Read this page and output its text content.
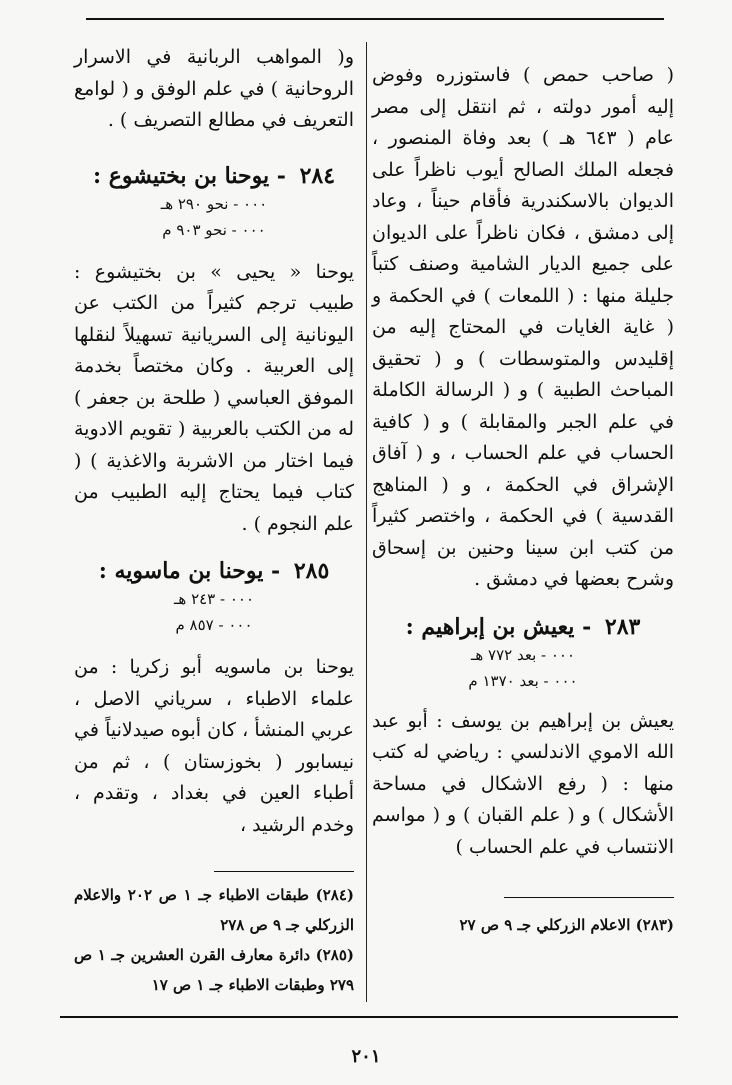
( صاحب حمص ) فاستوزره وفوض إليه أمور دولته ، ثم انتقل إلى مصر عام ( ٦٤٣ هـ ) بعد وفاة المنصور ، فجعله الملك الصالح أيوب ناظراً على الديوان بالاسكندرية فأقام حيناً ، وعاد إلى دمشق ، فكان ناظراً على الديوان على جميع الديار الشامية وصنف كتباً جليلة منها : ( اللمعات ) في الحكمة و ( غاية الغايات في المحتاج إليه من إقليدس والمتوسطات ) و ( تحقيق المباحث الطبية ) و ( الرسالة الكاملة في علم الجبر والمقابلة ) و ( كافية الحساب في علم الحساب ، و ( آفاق الإشراق في الحكمة ، و ( المناهج القدسية ) في الحكمة ، واختصر كثيراً من كتب ابن سينا وحنين بن إسحاق وشرح بعضها في دمشق .

٢٨٣ - يعيش بن إبراهيم :

٠٠٠ - بعد ٧٧٢ هـ

٠٠٠ - بعد ١٣٧٠ م

يعيش بن إبراهيم بن يوسف : أبو عبد الله الاموي الاندلسي : رياضي له كتب منها : ( رفع الاشكال في مساحة الأشكال ) و ( علم القبان ) و ( مواسم الانتساب في علم الحساب )

(٢٨٣) الاعلام الزركلي جـ ٩ ص ٢٧

و( المواهب الربانية في الاسرار الروحانية ) في علم الوفق و ( لوامع التعريف في مطالع التصريف ) .

٢٨٤ - يوحنا بن بختيشوع :

٠٠٠ - نحو ٢٩٠ هـ

٠٠٠ - نحو ٩٠٣ م

يوحنا « يحيى » بن بختيشوع : طبيب ترجم كثيراً من الكتب عن اليونانية إلى السريانية تسهيلاً لنقلها إلى العربية . وكان مختصاً بخدمة الموفق العباسي ( طلحة بن جعفر ) له من الكتب بالعربية ( تقويم الادوية فيما اختار من الاشربة والاغذية ) ( كتاب فيما يحتاج إليه الطبيب من علم النجوم ) .

٢٨٥ - يوحنا بن ماسويه :

٠٠٠ - ٢٤٣ هـ

٠٠٠ - ٨٥٧ م

يوحنا بن ماسويه أبو زكريا : من علماء الاطباء ، سرياني الاصل ، عربي المنشأ ، كان أبوه صيدلانياً في نيسابور ( بخوزستان ) ، ثم من أطباء العين في بغداد ، وتقدم ، وخدم الرشيد ،

(٢٨٤) طبقات الاطباء جـ ١ ص ٢٠٢ والاعلام الزركلي جـ ٩ ص ٢٧٨

(٢٨٥) دائرة معارف القرن العشرين جـ ١ ص ٢٧٩ وطبقات الاطباء جـ ١ ص ١٧

٢٠١
